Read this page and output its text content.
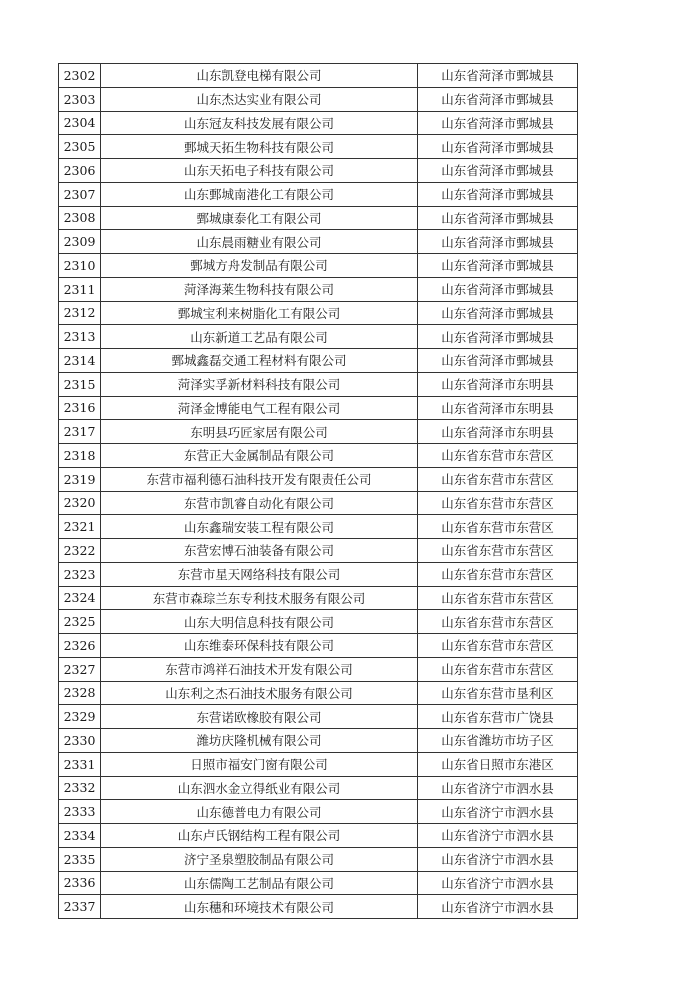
2302	山东凯登电梯有限公司	山东省菏泽市鄄城县
2303	山东杰达实业有限公司	山东省菏泽市鄄城县
2304	山东冠友科技发展有限公司	山东省菏泽市鄄城县
2305	鄄城天拓生物科技有限公司	山东省菏泽市鄄城县
2306	山东天拓电子科技有限公司	山东省菏泽市鄄城县
2307	山东鄄城南港化工有限公司	山东省菏泽市鄄城县
2308	鄄城康泰化工有限公司	山东省菏泽市鄄城县
2309	山东晨雨糖业有限公司	山东省菏泽市鄄城县
2310	鄄城方舟发制品有限公司	山东省菏泽市鄄城县
2311	菏泽海莱生物科技有限公司	山东省菏泽市鄄城县
2312	鄄城宝利来树脂化工有限公司	山东省菏泽市鄄城县
2313	山东新道工艺品有限公司	山东省菏泽市鄄城县
2314	鄄城鑫磊交通工程材料有限公司	山东省菏泽市鄄城县
2315	菏泽实孚新材料科技有限公司	山东省菏泽市东明县
2316	菏泽金博能电气工程有限公司	山东省菏泽市东明县
2317	东明县巧匠家居有限公司	山东省菏泽市东明县
2318	东营正大金属制品有限公司	山东省东营市东营区
2319	东营市福利德石油科技开发有限责任公司	山东省东营市东营区
2320	东营市凯睿自动化有限公司	山东省东营市东营区
2321	山东鑫瑞安装工程有限公司	山东省东营市东营区
2322	东营宏博石油装备有限公司	山东省东营市东营区
2323	东营市星天网络科技有限公司	山东省东营市东营区
2324	东营市森琮兰东专利技术服务有限公司	山东省东营市东营区
2325	山东大明信息科技有限公司	山东省东营市东营区
2326	山东维泰环保科技有限公司	山东省东营市东营区
2327	东营市鸿祥石油技术开发有限公司	山东省东营市东营区
2328	山东利之杰石油技术服务有限公司	山东省东营市垦利区
2329	东营诺欧橡胶有限公司	山东省东营市广饶县
2330	潍坊庆隆机械有限公司	山东省潍坊市坊子区
2331	日照市福安门窗有限公司	山东省日照市东港区
2332	山东泗水金立得纸业有限公司	山东省济宁市泗水县
2333	山东德普电力有限公司	山东省济宁市泗水县
2334	山东卢氏钢结构工程有限公司	山东省济宁市泗水县
2335	济宁圣泉塑胶制品有限公司	山东省济宁市泗水县
2336	山东儒陶工艺制品有限公司	山东省济宁市泗水县
2337	山东穗和环境技术有限公司	山东省济宁市泗水县
